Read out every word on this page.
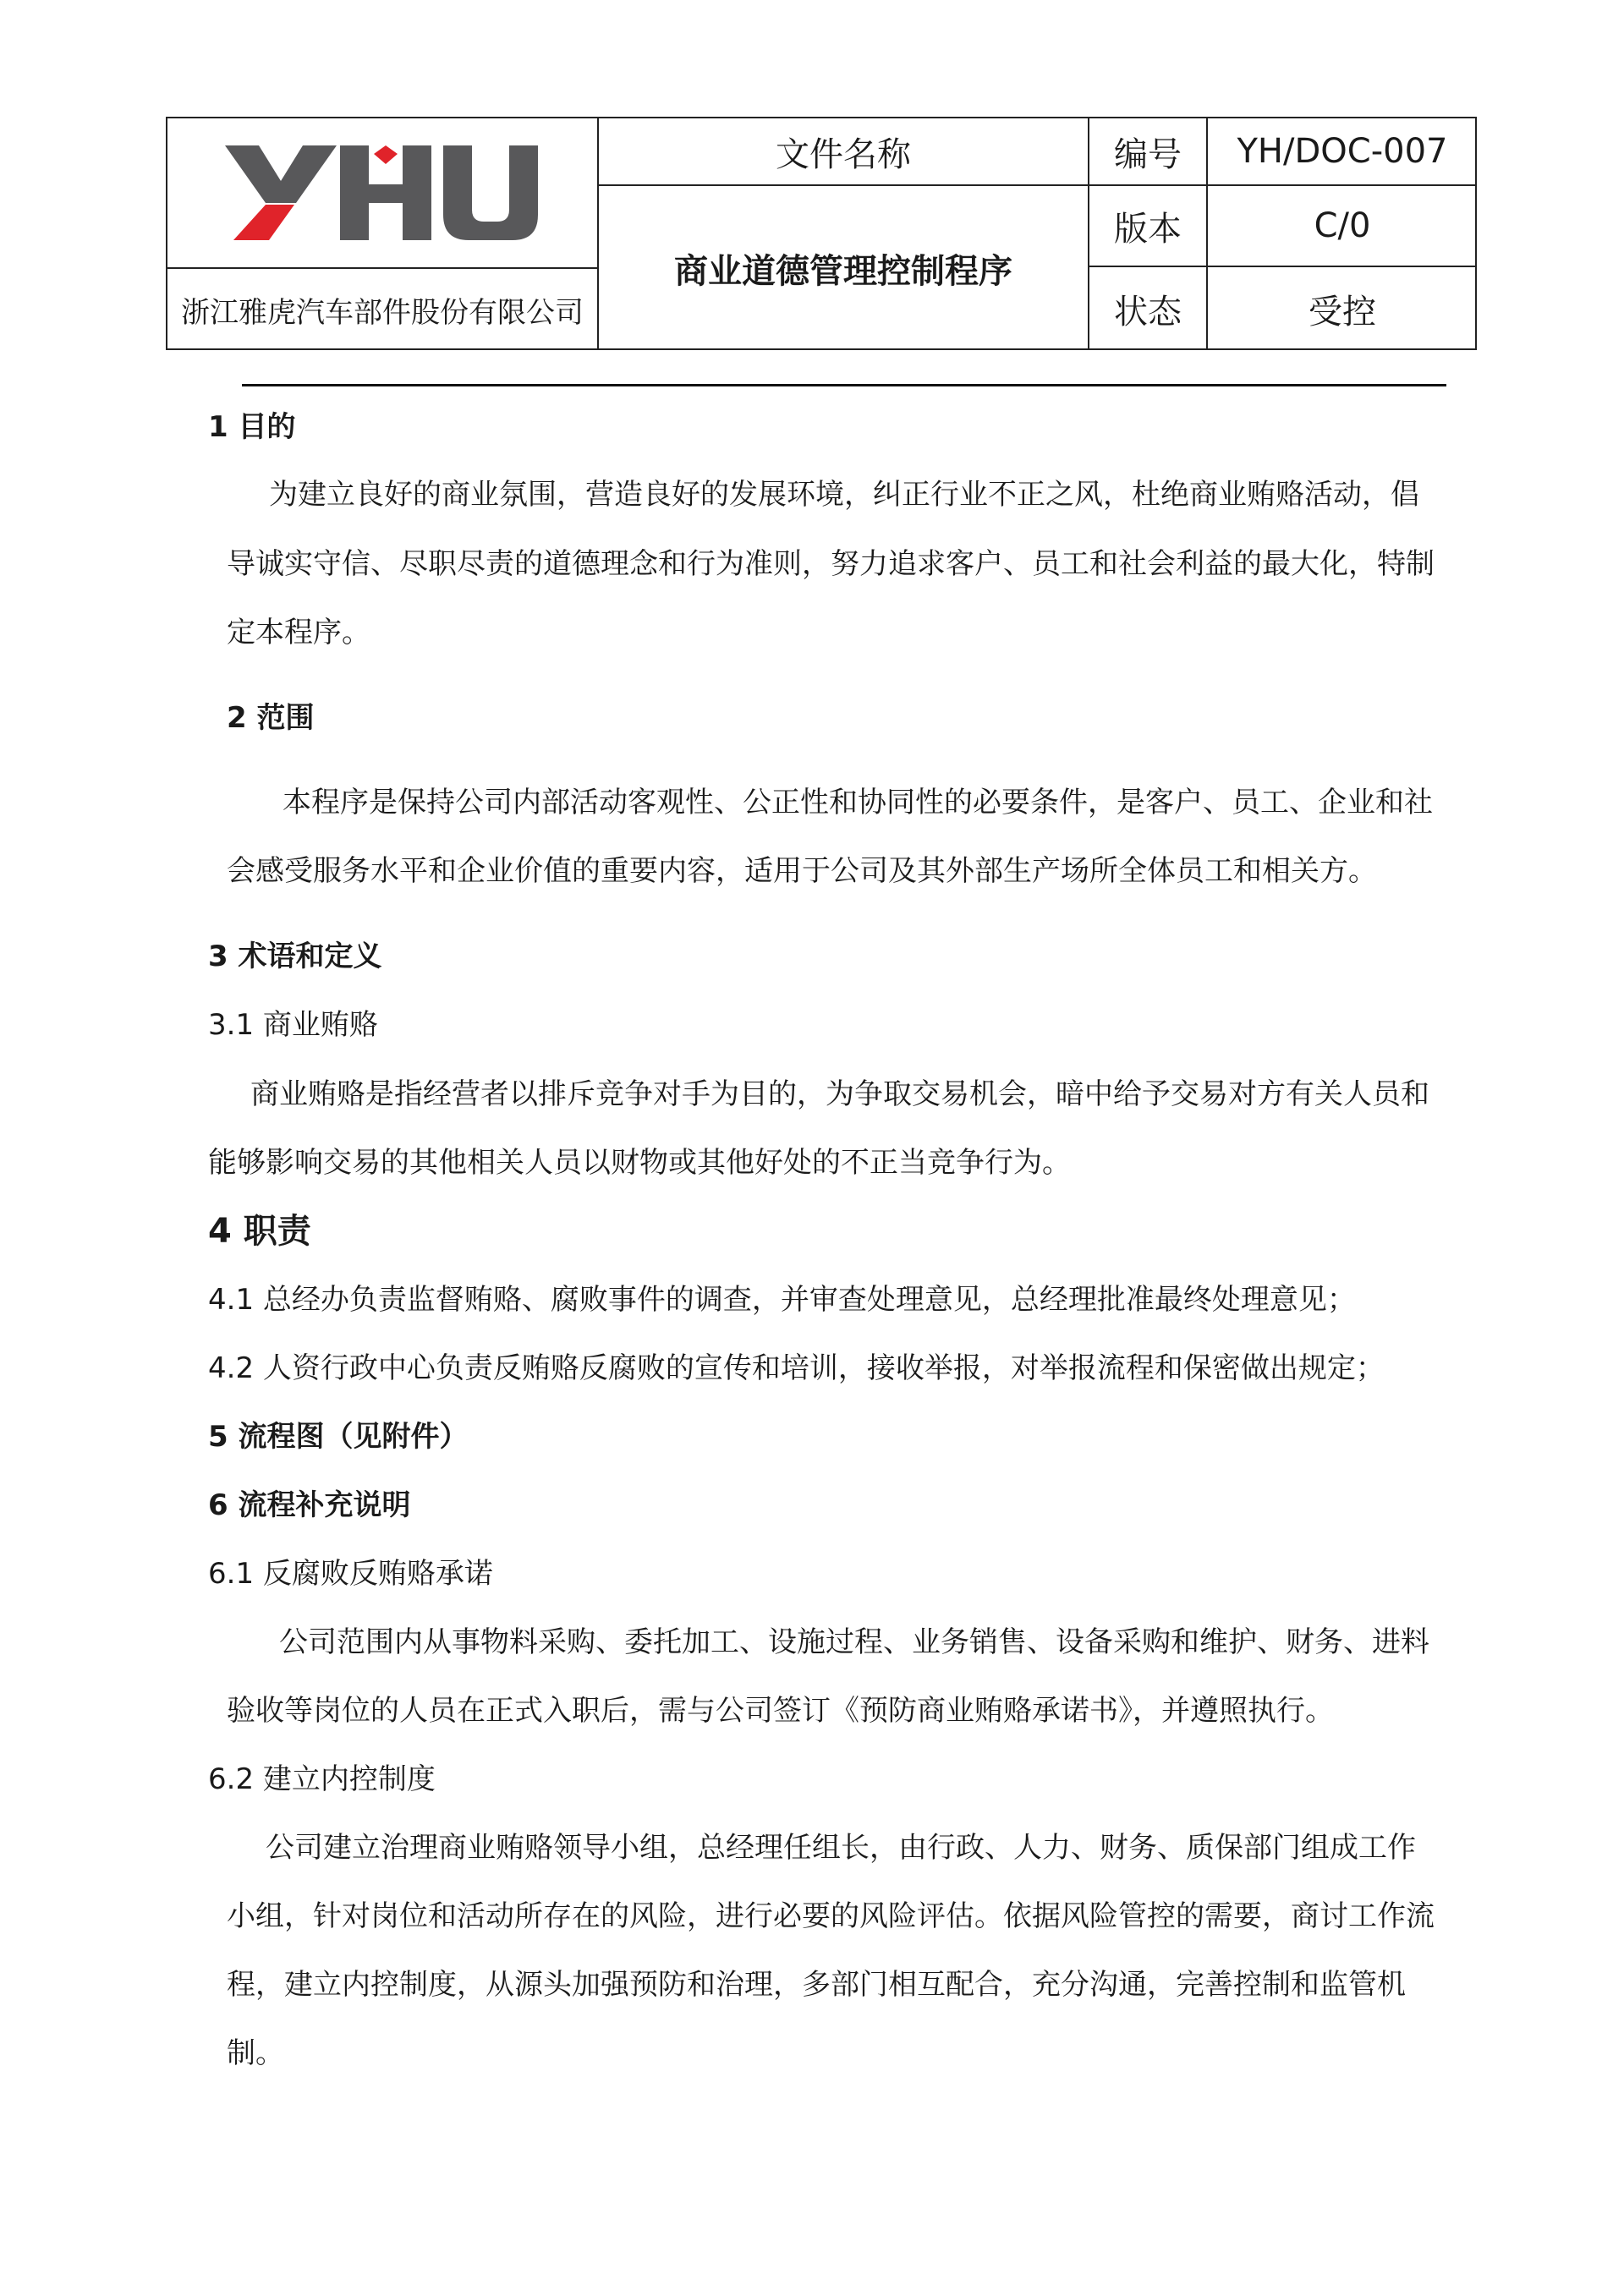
浙江雅虎汽车部件股份有限公司
文件名称
商业道德管理控制程序
编号	YH/DOC-007
版本	C/0
状态	受控
1 目的
为建立良好的商业氛围，营造良好的发展环境，纠正行业不正之风，杜绝商业贿赂活动，倡
导诚实守信、尽职尽责的道德理念和行为准则，努力追求客户、员工和社会利益的最大化，特制
定本程序。
2 范围
本程序是保持公司内部活动客观性、公正性和协同性的必要条件，是客户、员工、企业和社
会感受服务水平和企业价值的重要内容，适用于公司及其外部生产场所全体员工和相关方。
3 术语和定义
3.1 商业贿赂
商业贿赂是指经营者以排斥竞争对手为目的，为争取交易机会，暗中给予交易对方有关人员和
能够影响交易的其他相关人员以财物或其他好处的不正当竞争行为。
4 职责
4.1 总经办负责监督贿赂、腐败事件的调查，并审查处理意见，总经理批准最终处理意见；
4.2 人资行政中心负责反贿赂反腐败的宣传和培训，接收举报，对举报流程和保密做出规定；
5 流程图（见附件）
6 流程补充说明
6.1 反腐败反贿赂承诺
公司范围内从事物料采购、委托加工、设施过程、业务销售、设备采购和维护、财务、进料
验收等岗位的人员在正式入职后，需与公司签订《预防商业贿赂承诺书》，并遵照执行。
6.2 建立内控制度
公司建立治理商业贿赂领导小组，总经理任组长，由行政、人力、财务、质保部门组成工作
小组，针对岗位和活动所存在的风险，进行必要的风险评估。依据风险管控的需要，商讨工作流
程，建立内控制度，从源头加强预防和治理，多部门相互配合，充分沟通，完善控制和监管机
制。
